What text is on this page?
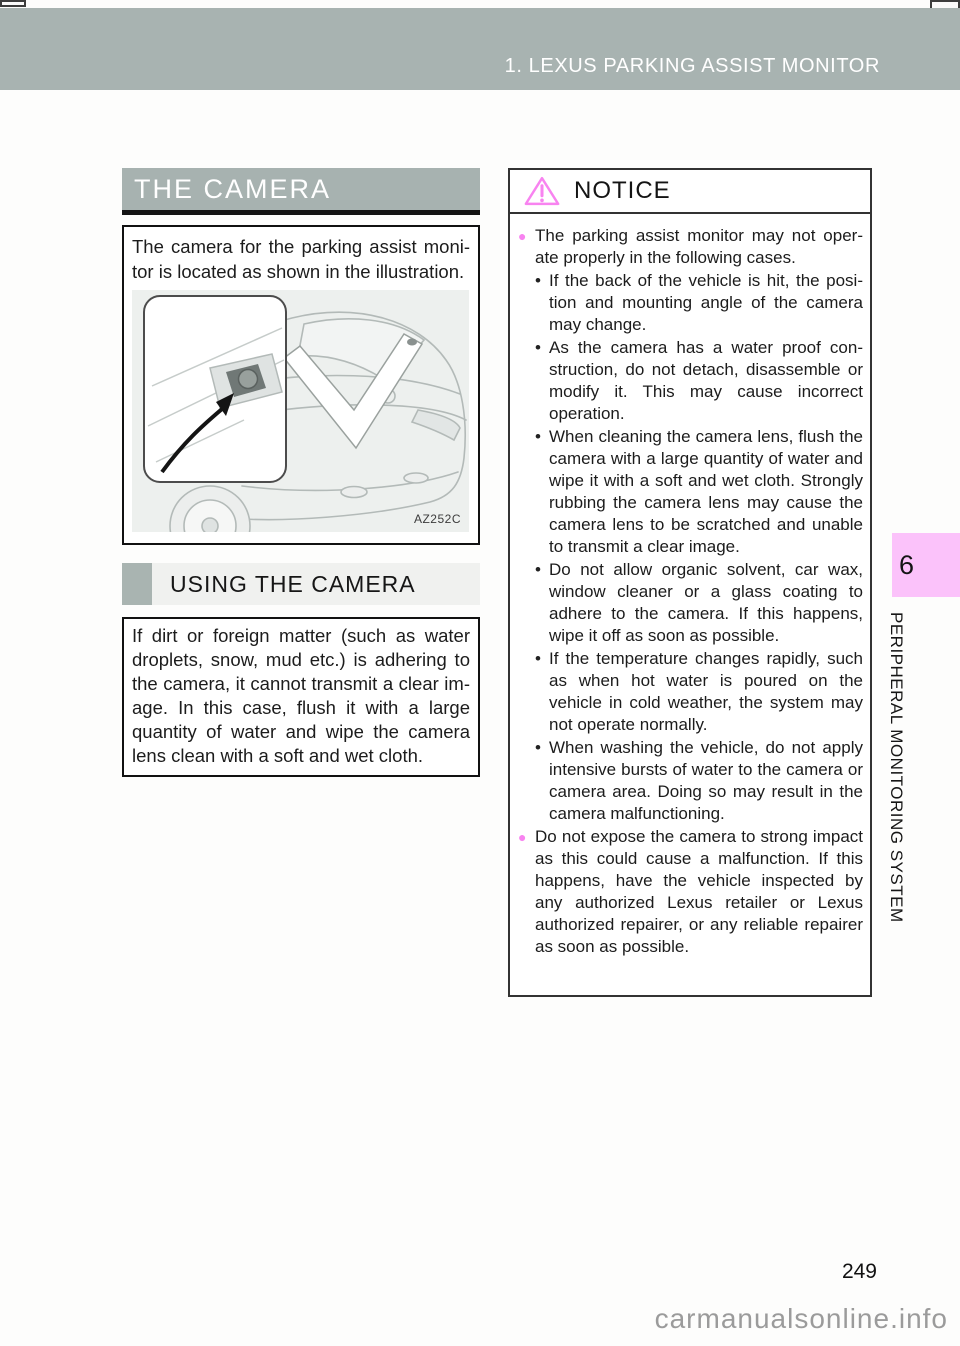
1. LEXUS PARKING ASSIST MONITOR
THE CAMERA

The camera for the parking assist moni-tor is located as shown in the illustration.

AZ252C
USING THE CAMERA
If dirt or foreign matter (such as water droplets, snow, mud etc.) is adhering to the camera, it cannot transmit a clear im-age. In this case, flush it with a large quantity of water and wipe the camera lens clean with a soft and wet cloth.
NOTICE
● The parking assist monitor may not oper-ate properly in the following cases.

• If the back of the vehicle is hit, the posi-tion and mounting angle of the camera may change.

• As the camera has a water proof con-struction, do not detach, disassemble or modify it. This may cause incorrect operation.

• When cleaning the camera lens, flush the camera with a large quantity of water and wipe it with a soft and wet cloth. Strongly rubbing the camera lens may cause the camera lens to be scratched and unable to transmit a clear image.

• Do not allow organic solvent, car wax, window cleaner or a glass coating to adhere to the camera. If this happens, wipe it off as soon as possible.

• If the temperature changes rapidly, such as when hot water is poured on the vehicle in cold weather, the system may not operate normally.

• When washing the vehicle, do not apply intensive bursts of water to the camera or camera area. Doing so may result in the camera malfunctioning.

● Do not expose the camera to strong impact as this could cause a malfunction. If this happens, have the vehicle inspected by any authorized Lexus retailer or Lexus authorized repairer, or any reliable repairer as soon as possible.

6
PERIPHERAL MONITORING SYSTEM
249
carmanualsonline.info
